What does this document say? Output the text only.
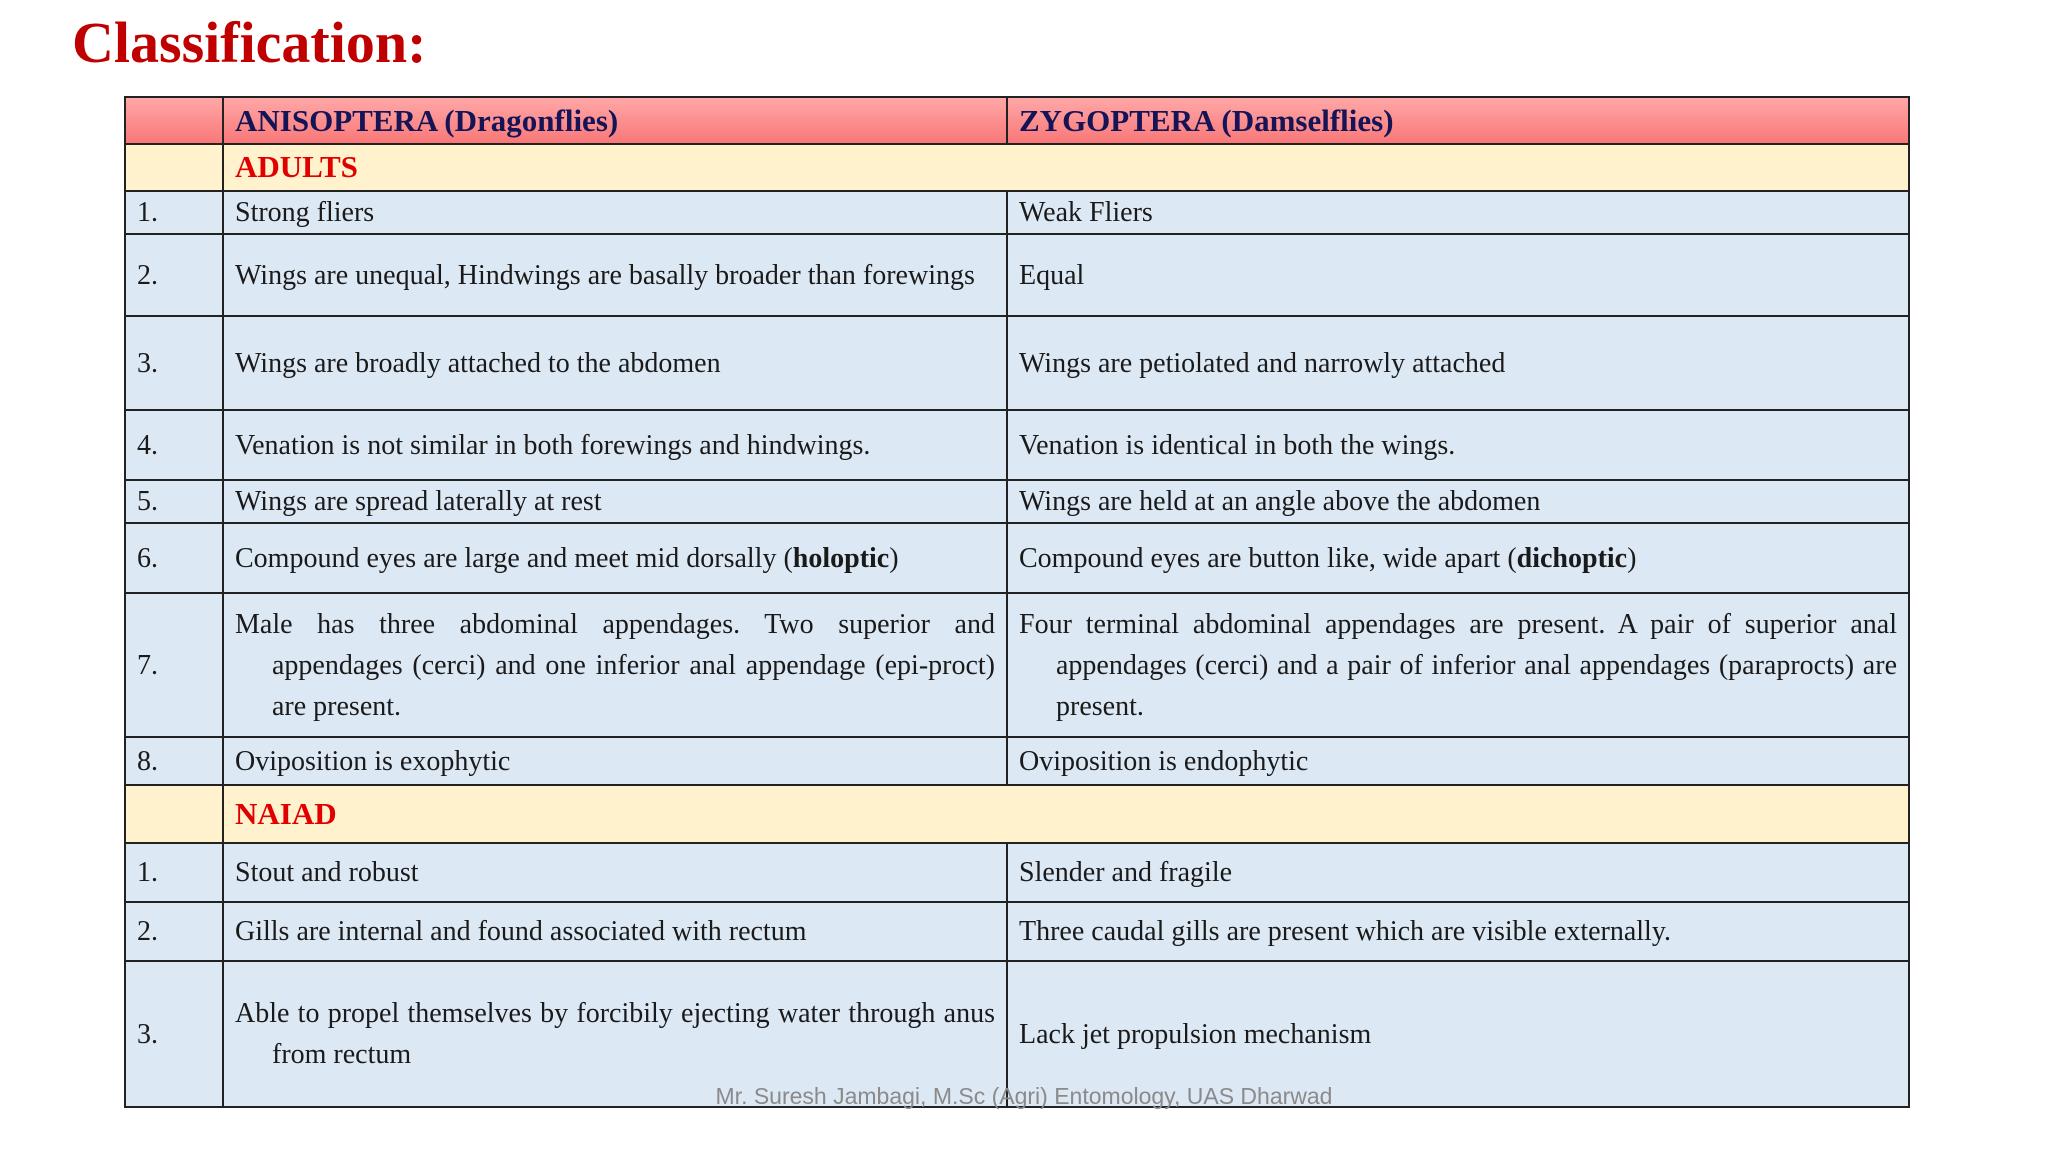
Classification:
	ANISOPTERA (Dragonflies)	ZYGOPTERA (Damselflies)
	ADULTS	
1.	Strong fliers	Weak Fliers

2.	Wings are unequal, Hindwings are basally broader than forewings	Equal

3.	Wings are broadly attached to the abdomen	Wings are petiolated and narrowly attached

4.	Venation is not similar in both forewings and hindwings.	Venation is identical in both the wings.

5.	Wings are spread laterally at rest	Wings are held at an angle above the abdomen

6.	Compound eyes are large and meet mid dorsally (holoptic)	Compound eyes are button like, wide apart (dichoptic)

7.	Male has three abdominal appendages. Two superior and appendages (cerci) and one inferior anal appendage (epi-proct) are present.	Four terminal abdominal appendages are present. A pair of superior anal appendages (cerci) and a pair of inferior anal appendages (paraprocts) are present.

8.	Oviposition is exophytic	Oviposition is endophytic

	NAIAD	
1.	Stout and robust	Slender and fragile

2.	Gills are internal and found associated with rectum	Three caudal gills are present which are visible externally.

3.	Able to propel themselves by forcibily ejecting water through anus from rectum	Lack jet propulsion mechanism
Mr. Suresh Jambagi, M.Sc (Agri) Entomology, UAS Dharwad
